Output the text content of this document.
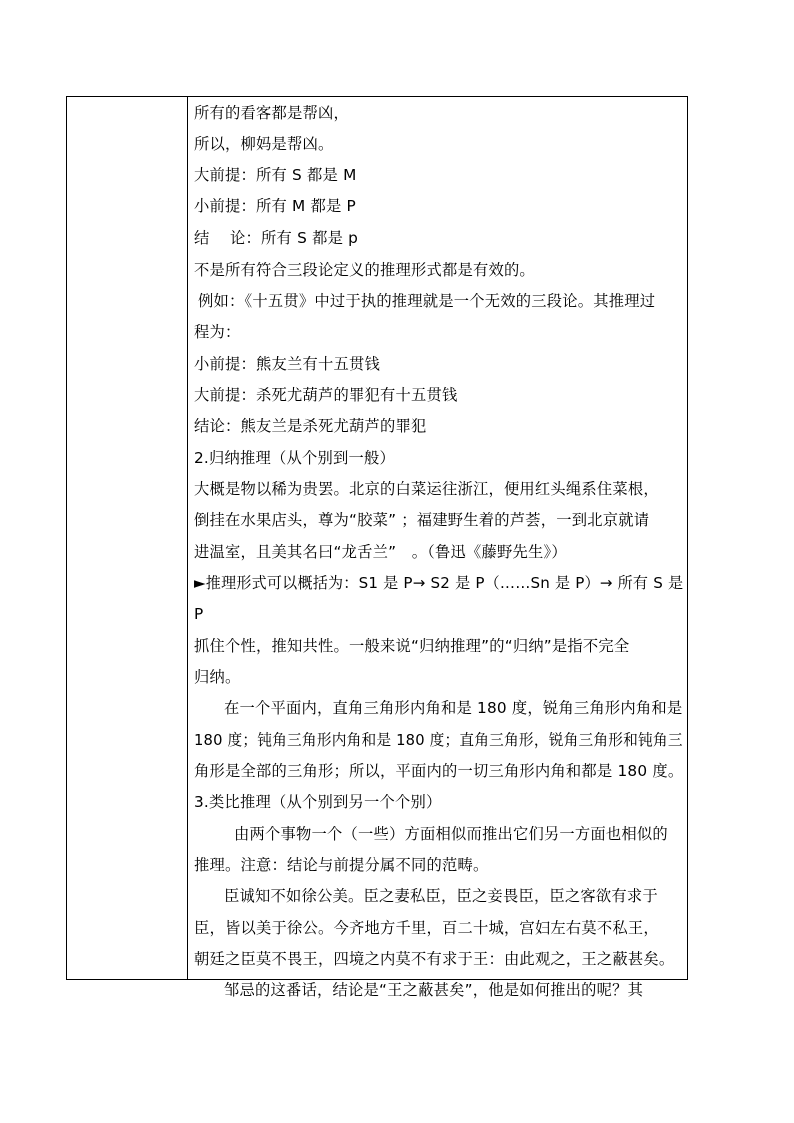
所有的看客都是帮凶，
所以，柳妈是帮凶。
大前提：所有 S 都是 M
小前提：所有 M 都是 P
结　 论：所有 S 都是 p
不是所有符合三段论定义的推理形式都是有效的。
例如：《十五贯》中过于执的推理就是一个无效的三段论。其推理过
程为：
小前提：熊友兰有十五贯钱
大前提：杀死尤葫芦的罪犯有十五贯钱
结论：熊友兰是杀死尤葫芦的罪犯
2.归纳推理（从个别到一般）
大概是物以稀为贵罢。北京的白菜运往浙江，便用红头绳系住菜根，
倒挂在水果店头，尊为“胶菜” ；福建野生着的芦荟，一到北京就请
进温室，且美其名曰“龙舌兰”　。（鲁迅《藤野先生》）
►推理形式可以概括为：S1 是 P→ S2 是 P（……Sn 是 P）→ 所有 S 是
P
抓住个性，推知共性。一般来说“归纳推理”的“归纳”是指不完全
归纳。
在一个平面内，直角三角形内角和是 180 度，锐角三角形内角和是
180 度；钝角三角形内角和是 180 度；直角三角形，锐角三角形和钝角三
角形是全部的三角形；所以，平面内的一切三角形内角和都是 180 度。
3.类比推理（从个别到另一个个别）
由两个事物一个（一些）方面相似而推出它们另一方面也相似的
推理。注意：结论与前提分属不同的范畴。
臣诚知不如徐公美。臣之妻私臣，臣之妾畏臣，臣之客欲有求于
臣，皆以美于徐公。今齐地方千里，百二十城，宫妇左右莫不私王，
朝廷之臣莫不畏王，四境之内莫不有求于王：由此观之，王之蔽甚矣。
邹忌的这番话，结论是“王之蔽甚矣”，他是如何推出的呢？其
